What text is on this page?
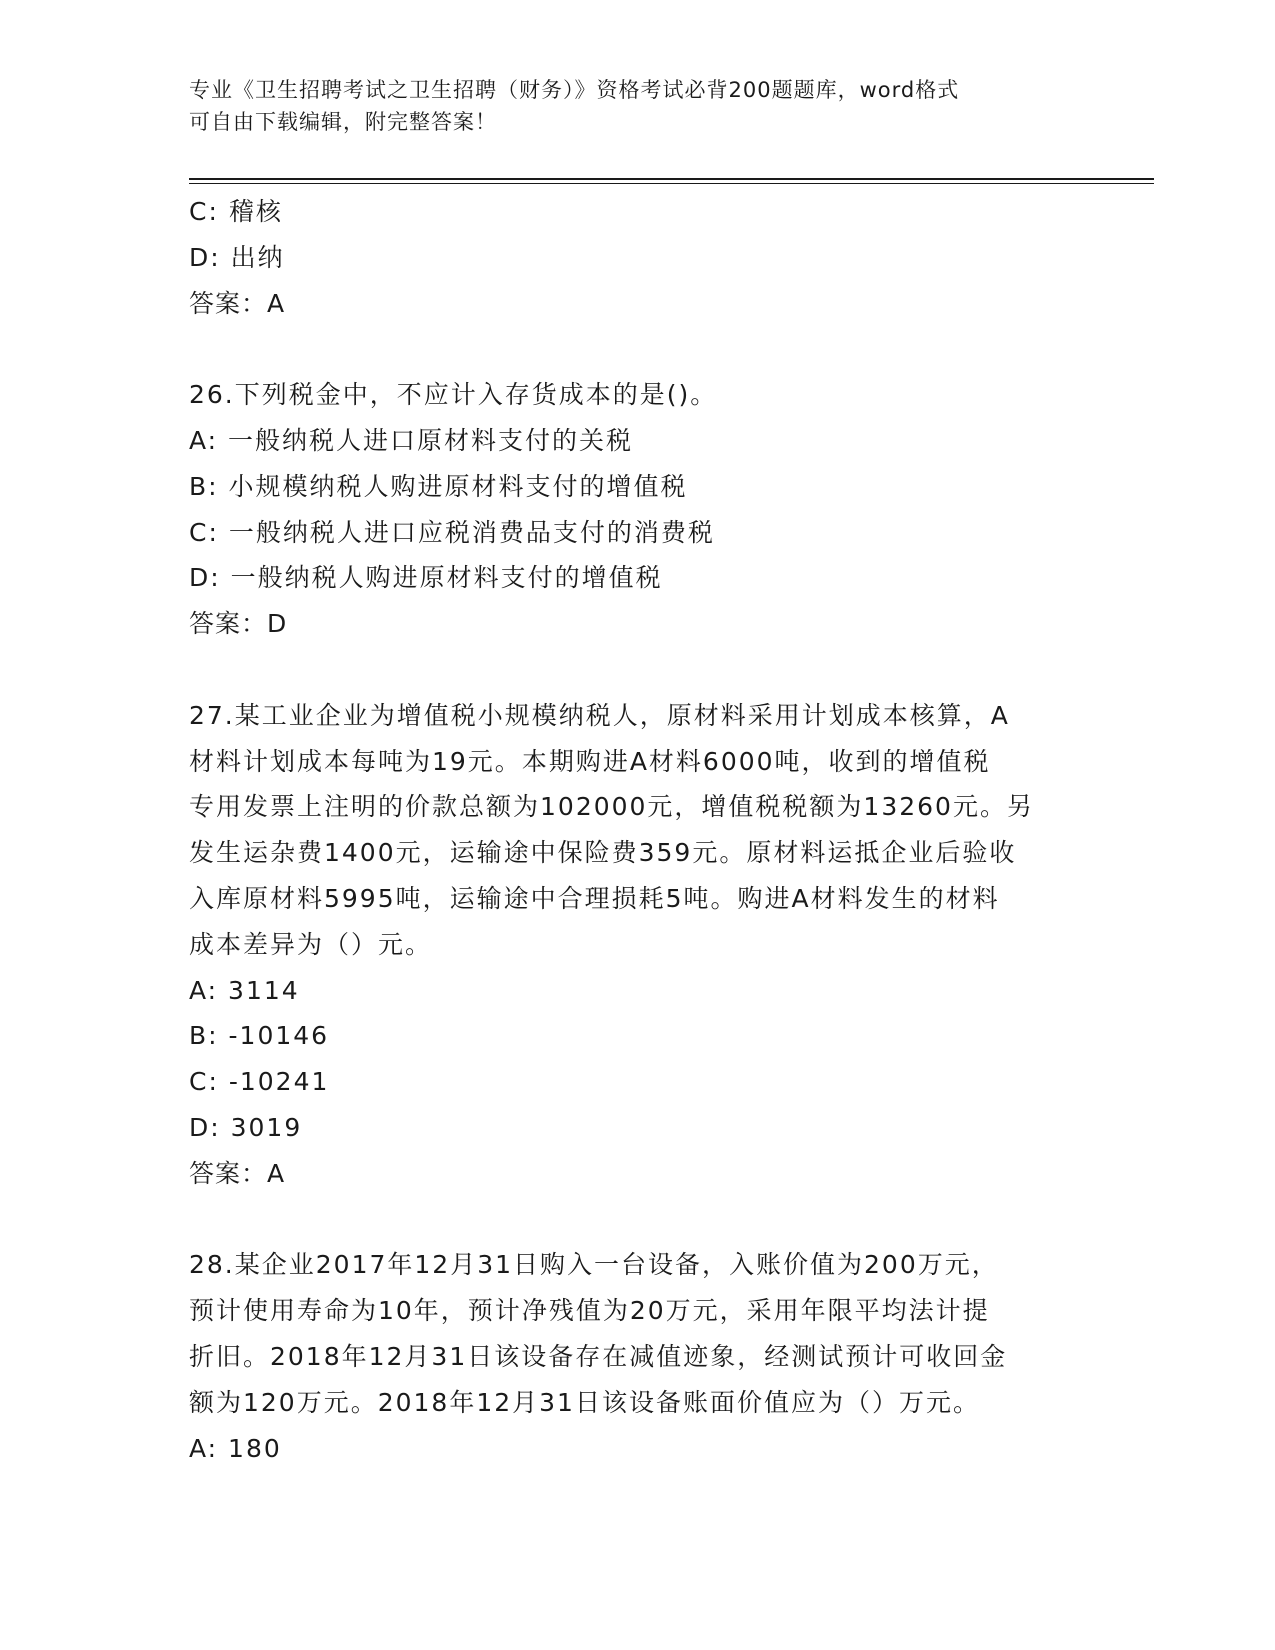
专业《卫生招聘考试之卫生招聘（财务）》资格考试必背200题题库，word格式
可自由下载编辑，附完整答案！
C: 稽核
D: 出纳
答案：A
26.下列税金中，不应计入存货成本的是()。
A: 一般纳税人进口原材料支付的关税
B: 小规模纳税人购进原材料支付的增值税
C: 一般纳税人进口应税消费品支付的消费税
D: 一般纳税人购进原材料支付的增值税
答案：D
27.某工业企业为增值税小规模纳税人，原材料采用计划成本核算，A
材料计划成本每吨为19元。本期购进A材料6000吨，收到的增值税
专用发票上注明的价款总额为102000元，增值税税额为13260元。另
发生运杂费1400元，运输途中保险费359元。原材料运抵企业后验收
入库原材料5995吨，运输途中合理损耗5吨。购进A材料发生的材料
成本差异为（）元。
A: 3114
B: -10146
C: -10241
D: 3019
答案：A
28.某企业2017年12月31日购入一台设备，入账价值为200万元，
预计使用寿命为10年，预计净残值为20万元，采用年限平均法计提
折旧。2018年12月31日该设备存在减值迹象，经测试预计可收回金
额为120万元。2018年12月31日该设备账面价值应为（）万元。
A: 180
